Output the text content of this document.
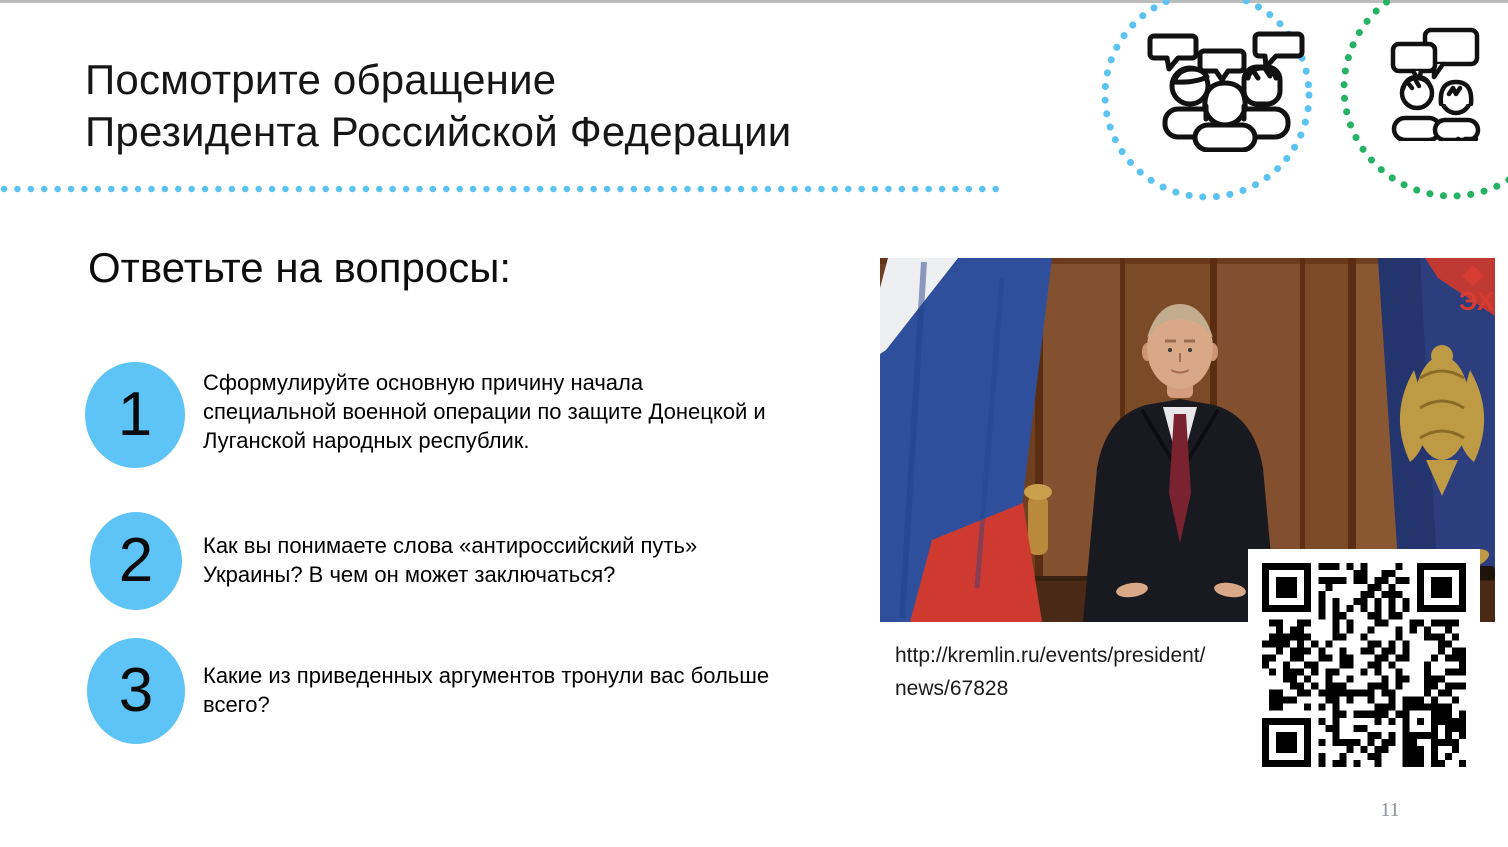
Посмотрите обращение
Президента Российской Федерации
Ответьте на вопросы:
1	Сформулируйте основную причину начала
специальной военной операции по защите Донецкой и
Луганской народных республик.
2	Как вы понимаете слова «антироссийский путь»
Украины? В чем он может заключаться?
3	Какие из приведенных аргументов тронули вас больше
всего?
ЭХ
http://kremlin.ru/events/president/
news/67828
11
